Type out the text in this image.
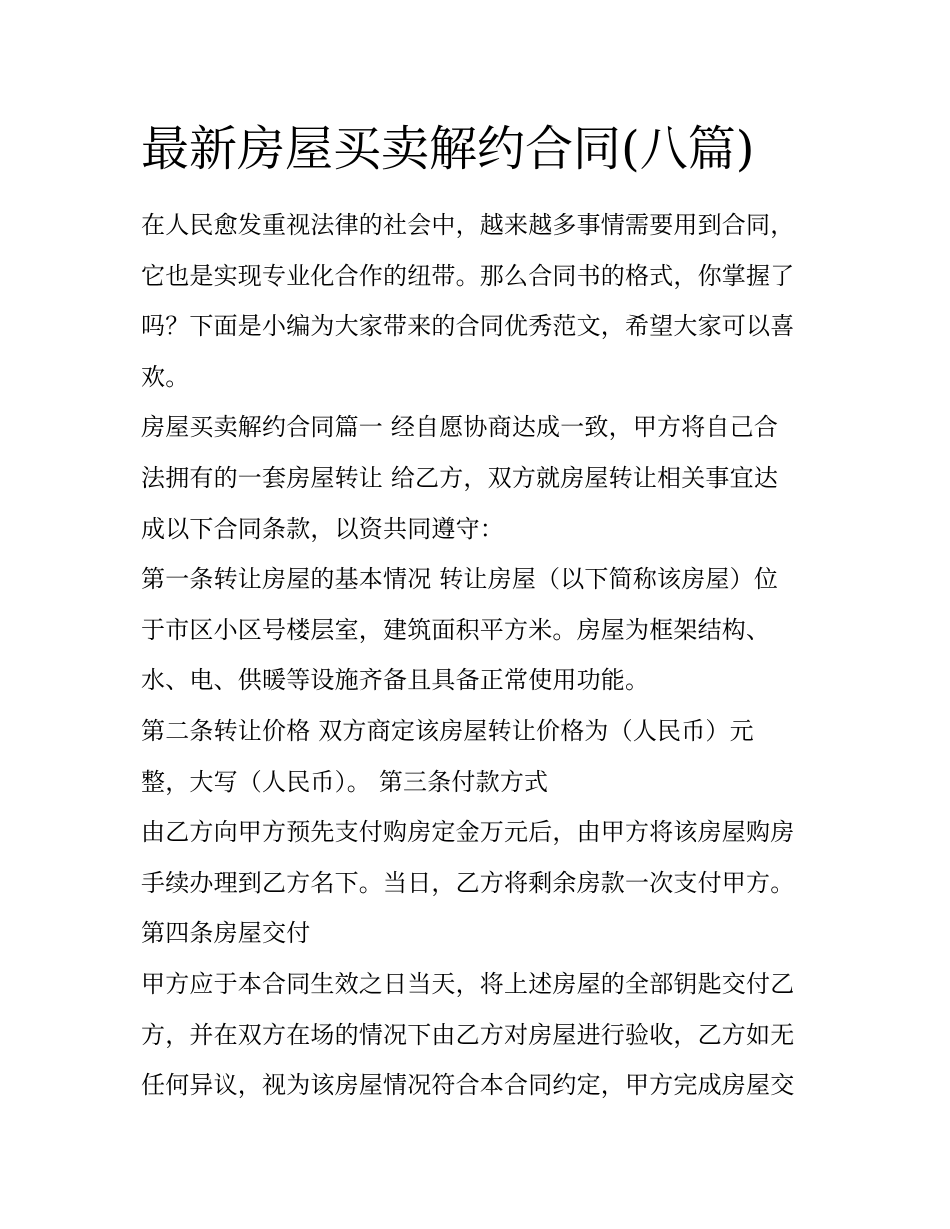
最新房屋买卖解约合同(八篇)
在人民愈发重视法律的社会中，越来越多事情需要用到合同，
它也是实现专业化合作的纽带。那么合同书的格式，你掌握了
吗？下面是小编为大家带来的合同优秀范文，希望大家可以喜
欢。
房屋买卖解约合同篇一 经自愿协商达成一致，甲方将自己合
法拥有的一套房屋转让 给乙方，双方就房屋转让相关事宜达
成以下合同条款，以资共同遵守：
第一条转让房屋的基本情况 转让房屋（以下简称该房屋）位
于市区小区号楼层室，建筑面积平方米。房屋为框架结构、
水、电、供暖等设施齐备且具备正常使用功能。
第二条转让价格 双方商定该房屋转让价格为（人民币）元
整，大写（人民币）。 第三条付款方式
由乙方向甲方预先支付购房定金万元后，由甲方将该房屋购房
手续办理到乙方名下。当日，乙方将剩余房款一次支付甲方。
第四条房屋交付
甲方应于本合同生效之日当天，将上述房屋的全部钥匙交付乙
方，并在双方在场的情况下由乙方对房屋进行验收，乙方如无
任何异议，视为该房屋情况符合本合同约定，甲方完成房屋交
